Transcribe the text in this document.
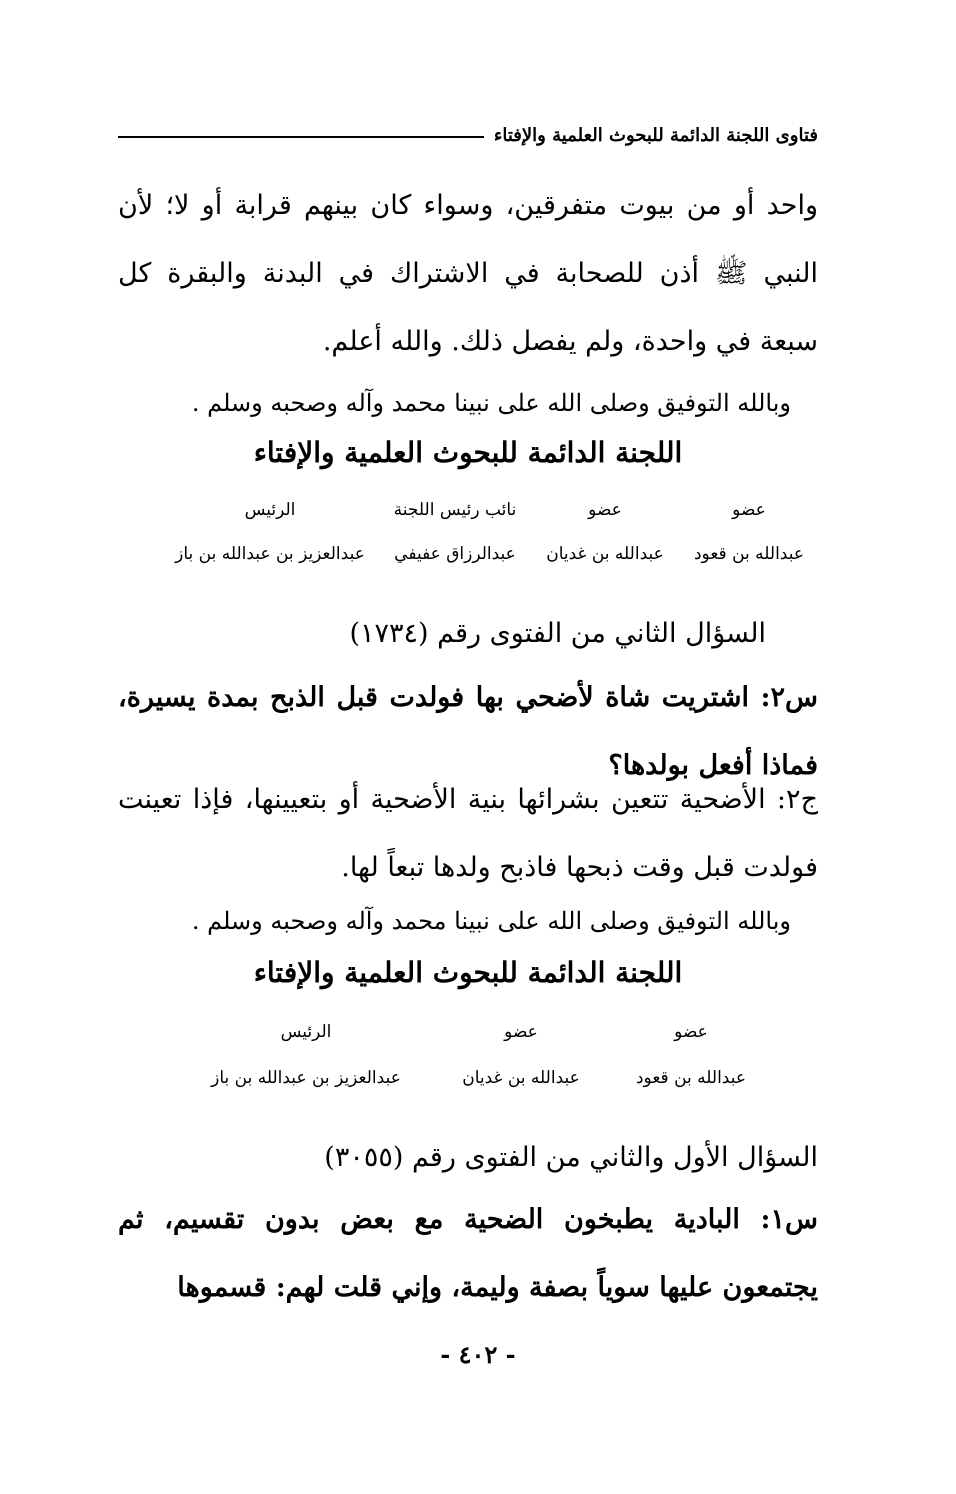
فتاوى اللجنة الدائمة للبحوث العلمية والإفتاء
واحد أو من بيوت متفرقين، وسواء كان بينهم قرابة أو لا؛ لأن النبي ﷺ أذن للصحابة في الاشتراك في البدنة والبقرة كل سبعة في واحدة، ولم يفصل ذلك. والله أعلم.
وبالله التوفيق وصلى الله على نبينا محمد وآله وصحبه وسلم .
اللجنة الدائمة للبحوث العلمية والإفتاء
عضو
عضو
نائب رئيس اللجنة
الرئيس
عبدالله بن قعود
عبدالله بن غديان
عبدالرزاق عفيفي
عبدالعزيز بن عبدالله بن باز
السؤال الثاني من الفتوى رقم (١٧٣٤)
س٢: اشتريت شاة لأضحي بها فولدت قبل الذبح بمدة يسيرة، فماذا أفعل بولدها؟
ج٢: الأضحية تتعين بشرائها بنية الأضحية أو بتعيينها، فإذا تعينت فولدت قبل وقت ذبحها فاذبح ولدها تبعاً لها.
وبالله التوفيق وصلى الله على نبينا محمد وآله وصحبه وسلم .
اللجنة الدائمة للبحوث العلمية والإفتاء
عضو
عضو
الرئيس
عبدالله بن قعود
عبدالله بن غديان
عبدالعزيز بن عبدالله بن باز
السؤال الأول والثاني من الفتوى رقم (٣٠٥٥)
س١: البادية يطبخون الضحية مع بعض بدون تقسيم، ثم يجتمعون عليها سوياً بصفة وليمة، وإني قلت لهم: قسموها
- ٤٠٢ -
